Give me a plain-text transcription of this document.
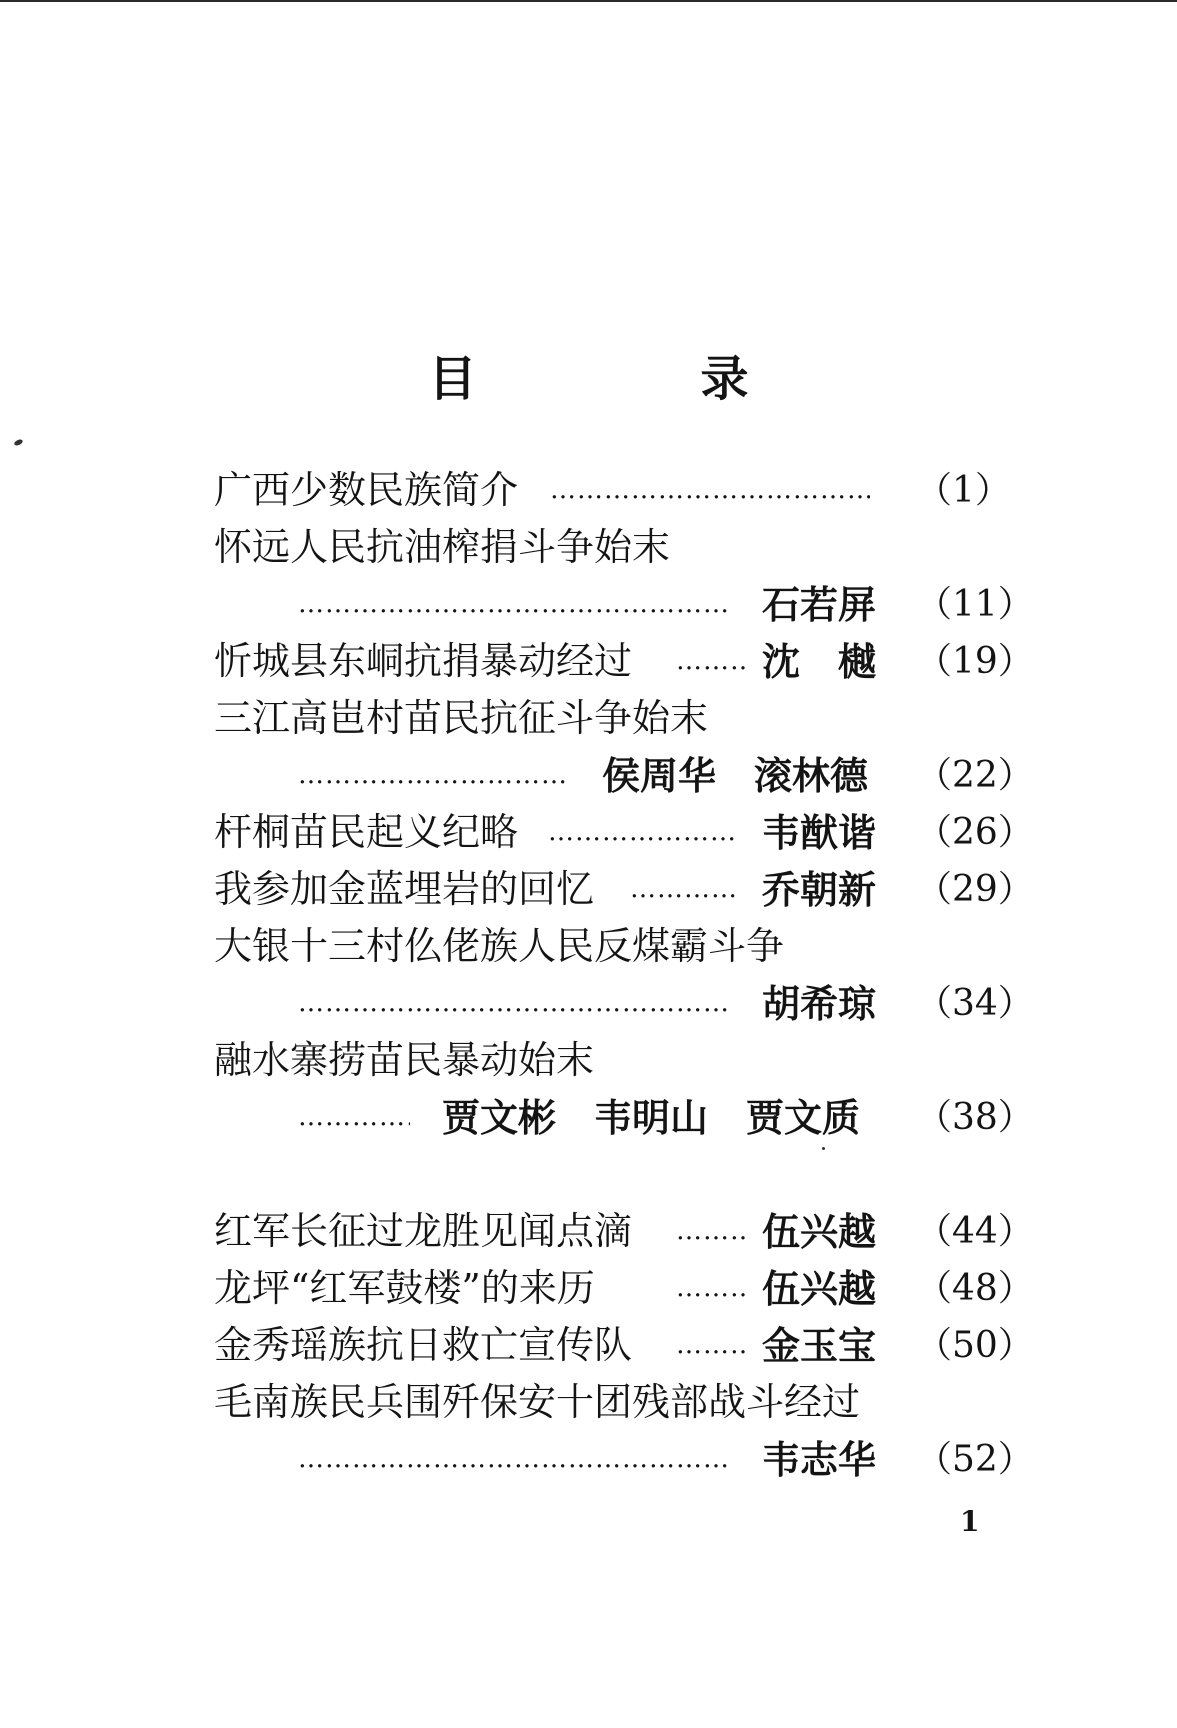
目　录
广西少数民族简介 …………………………………………………………………………	（1）
怀远人民抗油榨捐斗争始末
…………………………………………………………………………
石若屏 （11）
忻城县东峒抗捐暴动经过 …………………………………………………………………………	沈　樾 （19）
三江高岜村苗民抗征斗争始末
…………………………………………………………………………
侯周华　滚林德 （22）
杆桐苗民起义纪略 …………………………………………………………………………	韦猷谐 （26）
我参加金蓝埋岩的回忆 …………………………………………………………………………	乔朝新 （29）
大银十三村仫佬族人民反煤霸斗争
…………………………………………………………………………
胡希琼 （34）
融水寨捞苗民暴动始末
…………………………………………………………………………
贾文彬　韦明山　贾文质 （38）
红军长征过龙胜见闻点滴 …………………………………………………………………………	伍兴越 （44）
龙坪“红军鼓楼”的来历 …………………………………………………………………………	伍兴越 （48）
金秀瑶族抗日救亡宣传队 …………………………………………………………………………	金玉宝 （50）
毛南族民兵围歼保安十团残部战斗经过
…………………………………………………………………………
韦志华 （52）
1
